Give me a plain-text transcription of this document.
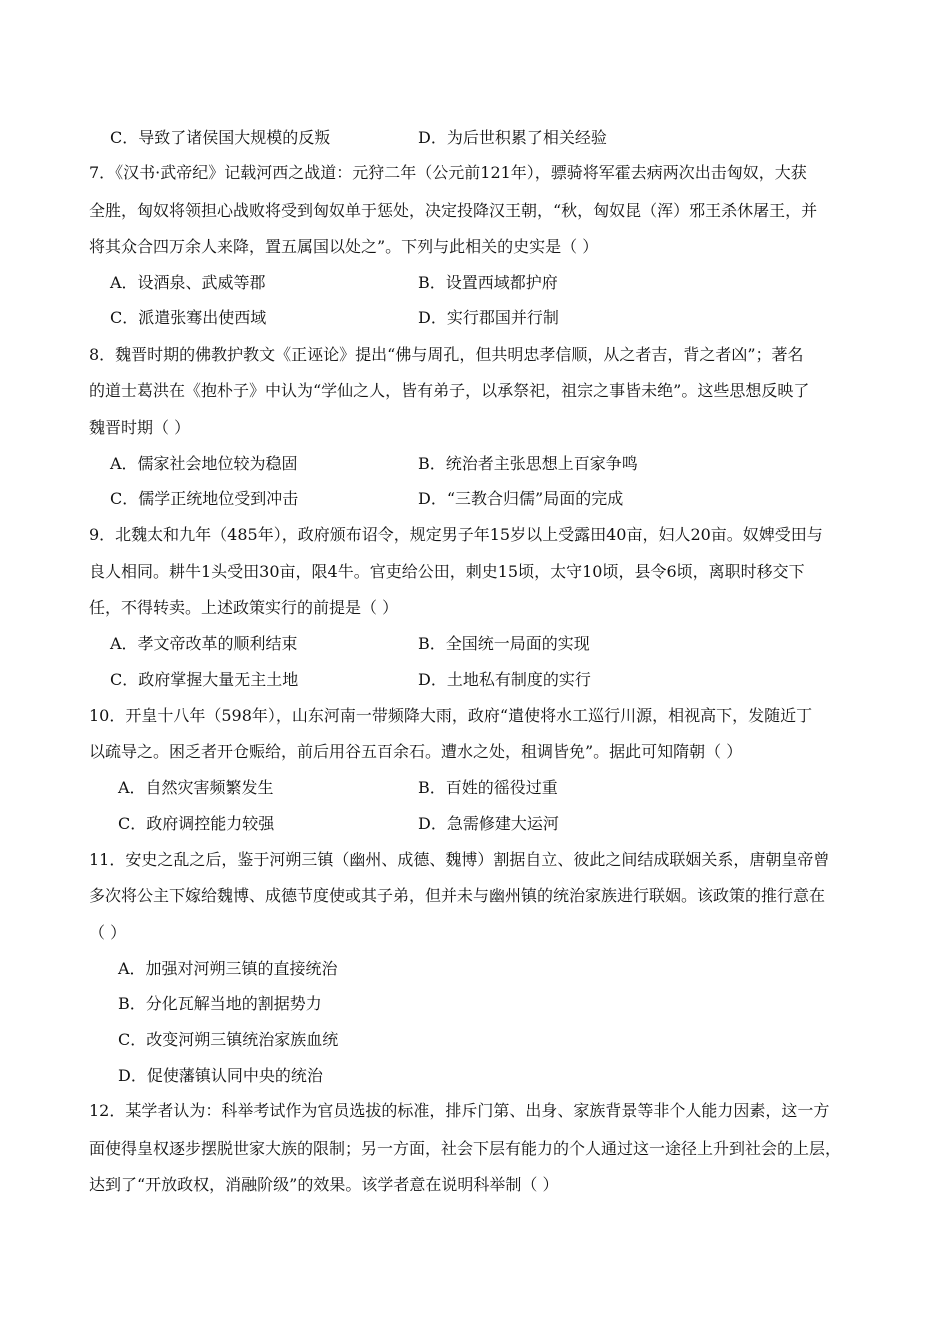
C．导致了诸侯国大规模的反叛	D．为后世积累了相关经验
7．《汉书·武帝纪》记载河西之战道：元狩二年（公元前121年），骠骑将军霍去病两次出击匈奴，大获
全胜，匈奴将领担心战败将受到匈奴单于惩处，决定投降汉王朝，“秋，匈奴昆（浑）邪王杀休屠王，并
将其众合四万余人来降，置五属国以处之”。下列与此相关的史实是（ ）
A．设酒泉、武威等郡	B．设置西域都护府
C．派遣张骞出使西域	D．实行郡国并行制
8．魏晋时期的佛教护教文《正诬论》提出“佛与周孔，但共明忠孝信顺，从之者吉，背之者凶”；著名
的道士葛洪在《抱朴子》中认为“学仙之人，皆有弟子，以承祭祀，祖宗之事皆未绝”。这些思想反映了
魏晋时期（ ）
A．儒家社会地位较为稳固	B．统治者主张思想上百家争鸣
C．儒学正统地位受到冲击	D．“三教合归儒”局面的完成
9．北魏太和九年（485年），政府颁布诏令，规定男子年15岁以上受露田40亩，妇人20亩。奴婢受田与
良人相同。耕牛1头受田30亩，限4牛。官吏给公田，刺史15顷，太守10顷，县令6顷，离职时移交下
任，不得转卖。上述政策实行的前提是（ ）
A．孝文帝改革的顺利结束	B．全国统一局面的实现
C．政府掌握大量无主土地	D．土地私有制度的实行
10．开皇十八年（598年），山东河南一带频降大雨，政府“遣使将水工巡行川源，相视高下，发随近丁
以疏导之。困乏者开仓赈给，前后用谷五百余石。遭水之处，租调皆免”。据此可知隋朝（ ）
A．自然灾害频繁发生	B．百姓的徭役过重
C．政府调控能力较强	D．急需修建大运河
11．安史之乱之后，鉴于河朔三镇（幽州、成德、魏博）割据自立、彼此之间结成联姻关系，唐朝皇帝曾
多次将公主下嫁给魏博、成德节度使或其子弟，但并未与幽州镇的统治家族进行联姻。该政策的推行意在
（ ）
A．加强对河朔三镇的直接统治
B．分化瓦解当地的割据势力
C．改变河朔三镇统治家族血统
D．促使藩镇认同中央的统治
12．某学者认为：科举考试作为官员选拔的标准，排斥门第、出身、家族背景等非个人能力因素，这一方
面使得皇权逐步摆脱世家大族的限制；另一方面，社会下层有能力的个人通过这一途径上升到社会的上层，
达到了“开放政权，消融阶级”的效果。该学者意在说明科举制（ ）
